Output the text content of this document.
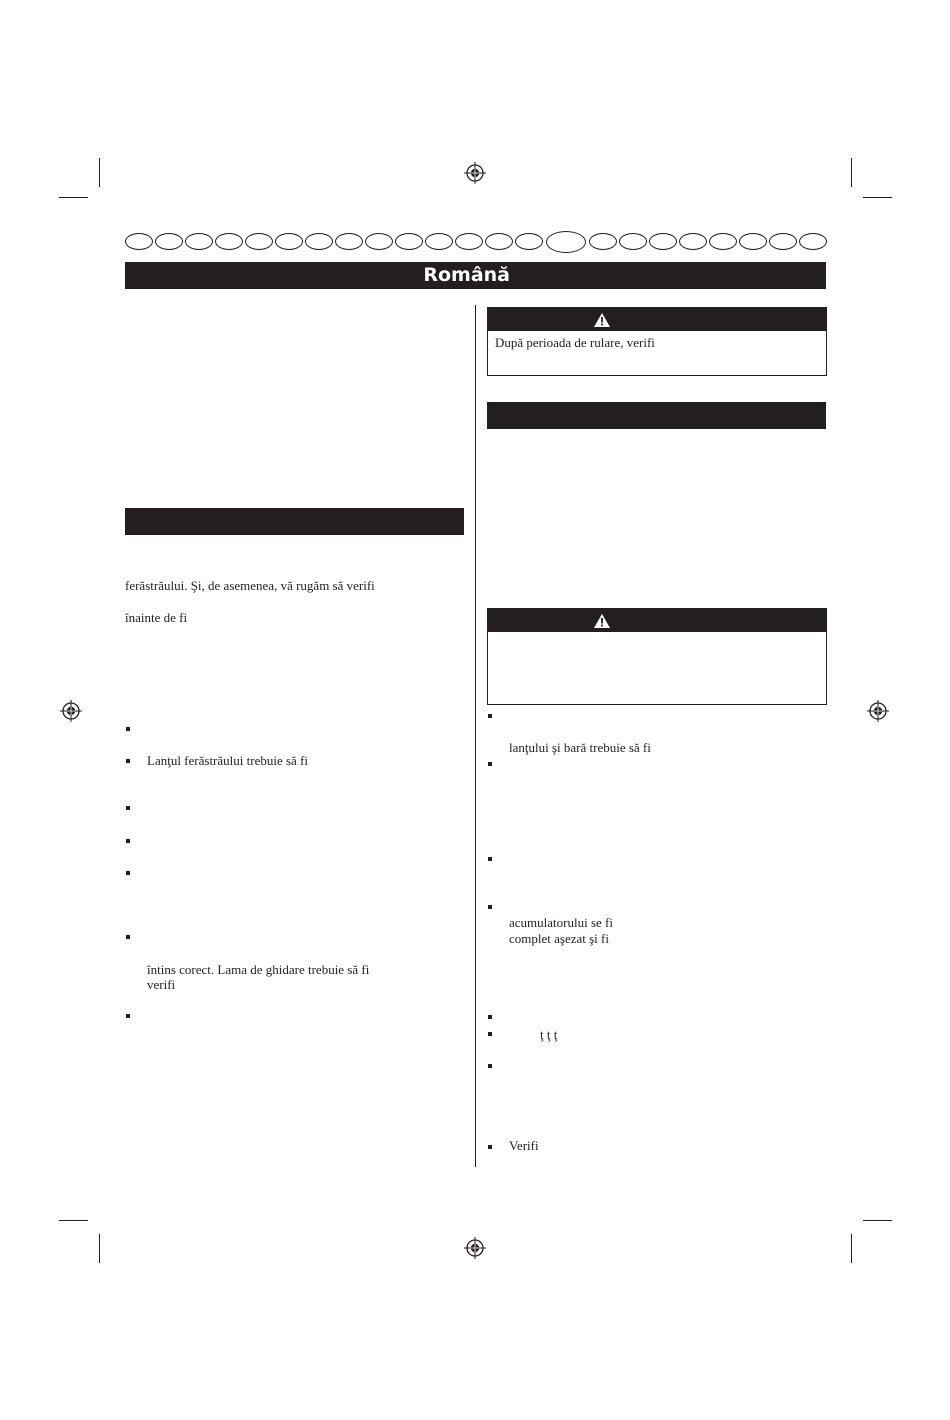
Română
ferăstrăului. Şi, de asemenea, vă rugăm să verifi
înainte de fi
Lanţul ferăstrăului trebuie să fi
întins corect. Lama de ghidare trebuie să fi
verifi
După perioada de rulare, verifi
lanţului şi bară trebuie să fi
acumulatorului se fi
complet aşezat şi fi
ţ ţ ţ
Verifi
